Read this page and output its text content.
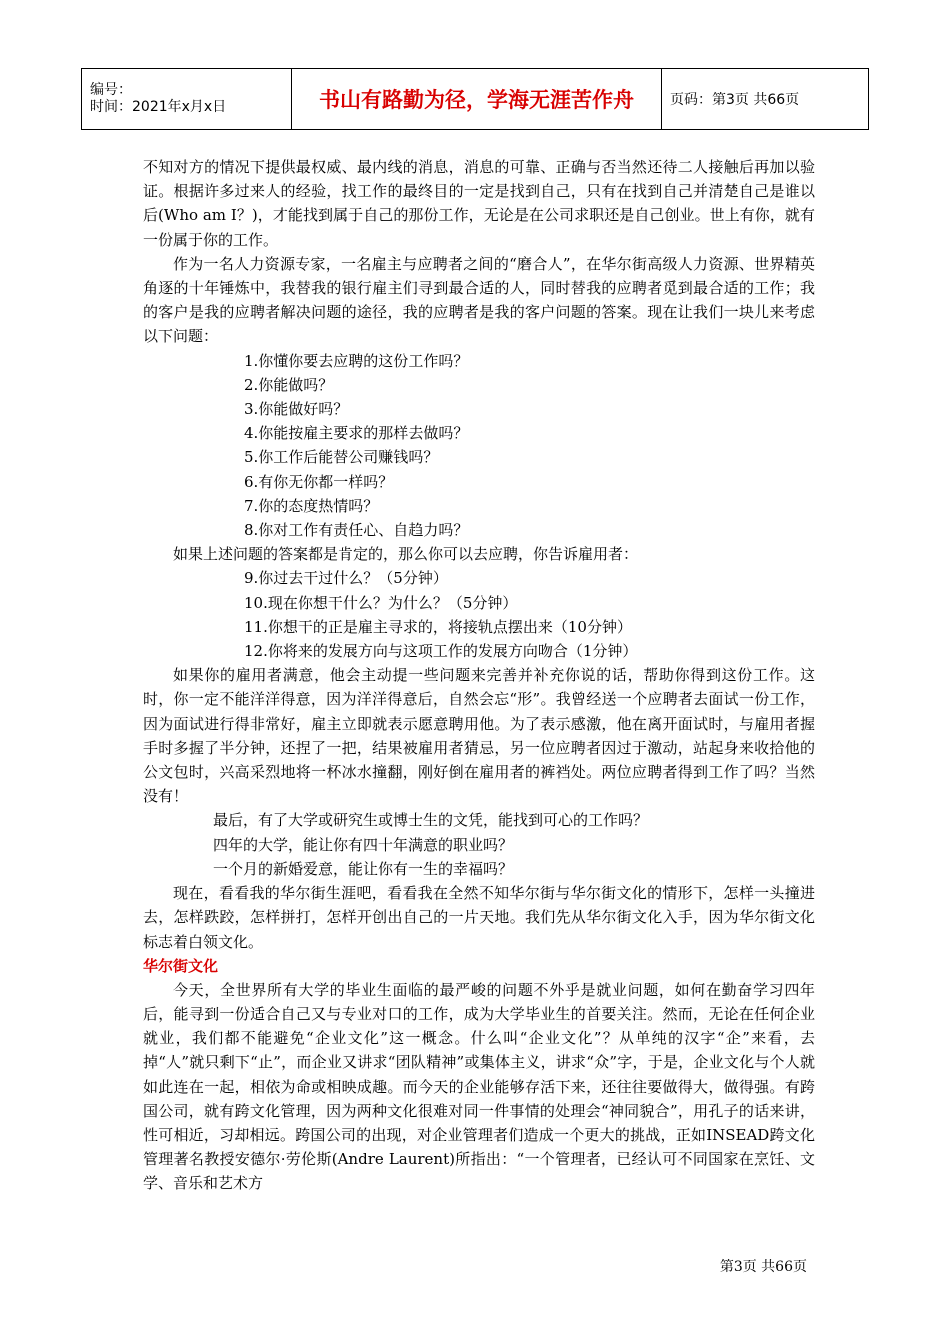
编号：
时间：2021年x月x日	书山有路勤为径，学海无涯苦作舟	页码：第3页 共66页

不知对方的情况下提供最权威、最内线的消息，消息的可靠、正确与否当然还待二人接触后再加以验证。根据许多过来人的经验，找工作的最终目的一定是找到自己，只有在找到自己并清楚自己是谁以后(Who am I？)，才能找到属于自己的那份工作，无论是在公司求职还是自己创业。世上有你，就有一份属于你的工作。

作为一名人力资源专家，一名雇主与应聘者之间的“磨合人”，在华尔街高级人力资源、世界精英角逐的十年锤炼中，我替我的银行雇主们寻到最合适的人，同时替我的应聘者觅到最合适的工作；我的客户是我的应聘者解决问题的途径，我的应聘者是我的客户问题的答案。现在让我们一块儿来考虑以下问题：

1.你懂你要去应聘的这份工作吗？

2.你能做吗？

3.你能做好吗？

4.你能按雇主要求的那样去做吗？

5.你工作后能替公司赚钱吗？

6.有你无你都一样吗？

7.你的态度热情吗？

8.你对工作有责任心、自趋力吗？

如果上述问题的答案都是肯定的，那么你可以去应聘，你告诉雇用者：

9.你过去干过什么？（5分钟）

10.现在你想干什么？为什么？（5分钟）

11.你想干的正是雇主寻求的，将接轨点摆出来（10分钟）

12.你将来的发展方向与这项工作的发展方向吻合（1分钟）

如果你的雇用者满意，他会主动提一些问题来完善并补充你说的话，帮助你得到这份工作。这时，你一定不能洋洋得意，因为洋洋得意后，自然会忘“形”。我曾经送一个应聘者去面试一份工作，因为面试进行得非常好，雇主立即就表示愿意聘用他。为了表示感激，他在离开面试时，与雇用者握手时多握了半分钟，还捏了一把，结果被雇用者猜忌，另一位应聘者因过于激动，站起身来收拾他的公文包时，兴高采烈地将一杯冰水撞翻，刚好倒在雇用者的裤裆处。两位应聘者得到工作了吗？当然没有！

最后，有了大学或研究生或博士生的文凭，能找到可心的工作吗？

四年的大学，能让你有四十年满意的职业吗？

一个月的新婚爱意，能让你有一生的幸福吗？

现在，看看我的华尔街生涯吧，看看我在全然不知华尔街与华尔街文化的情形下，怎样一头撞进去，怎样跌跤，怎样拼打，怎样开创出自己的一片天地。我们先从华尔街文化入手，因为华尔街文化标志着白领文化。

华尔街文化

今天，全世界所有大学的毕业生面临的最严峻的问题不外乎是就业问题，如何在勤奋学习四年后，能寻到一份适合自己又与专业对口的工作，成为大学毕业生的首要关注。然而，无论在任何企业就业，我们都不能避免“企业文化”这一概念。什么叫“企业文化”？从单纯的汉字“企”来看，去掉“人”就只剩下“止”，而企业又讲求“团队精神”或集体主义，讲求“众”字，于是，企业文化与个人就如此连在一起，相依为命或相映成趣。而今天的企业能够存活下来，还往往要做得大，做得强。有跨国公司，就有跨文化管理，因为两种文化很难对同一件事情的处理会“神同貌合”，用孔子的话来讲，性可相近，习却相远。跨国公司的出现，对企业管理者们造成一个更大的挑战，正如INSEAD跨文化管理著名教授安德尔·劳伦斯(Andre Laurent)所指出：“一个管理者，已经认可不同国家在烹饪、文学、音乐和艺术方

第3页 共66页
